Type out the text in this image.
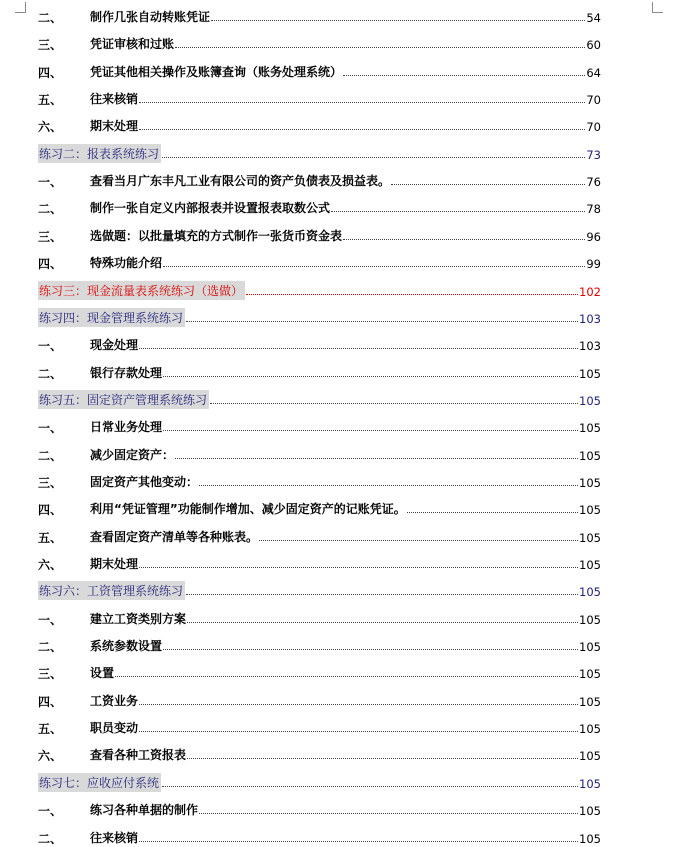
二、	制作几张自动转账凭证	54
三、	凭证审核和过账	60
四、	凭证其他相关操作及账簿查询（账务处理系统）	64
五、	往来核销	70
六、	期末处理	70
练习二：报表系统练习	73
一、	查看当月广东丰凡工业有限公司的资产负债表及损益表。	76
二、	制作一张自定义内部报表并设置报表取数公式	78
三、	选做题：以批量填充的方式制作一张货币资金表	96
四、	特殊功能介绍	99
练习三：现金流量表系统练习（选做）	102
练习四：现金管理系统练习	103
一、	现金处理	103
二、	银行存款处理	105
练习五：固定资产管理系统练习	105
一、	日常业务处理	105
二、	减少固定资产：	105
三、	固定资产其他变动：	105
四、	利用“凭证管理”功能制作增加、减少固定资产的记账凭证。	105
五、	查看固定资产清单等各种账表。	105
六、	期末处理	105
练习六：工资管理系统练习	105
一、	建立工资类别方案	105
二、	系统参数设置	105
三、	设置	105
四、	工资业务	105
五、	职员变动	105
六、	查看各种工资报表	105
练习七：应收应付系统	105
一、	练习各种单据的制作	105
二、	往来核销	105
